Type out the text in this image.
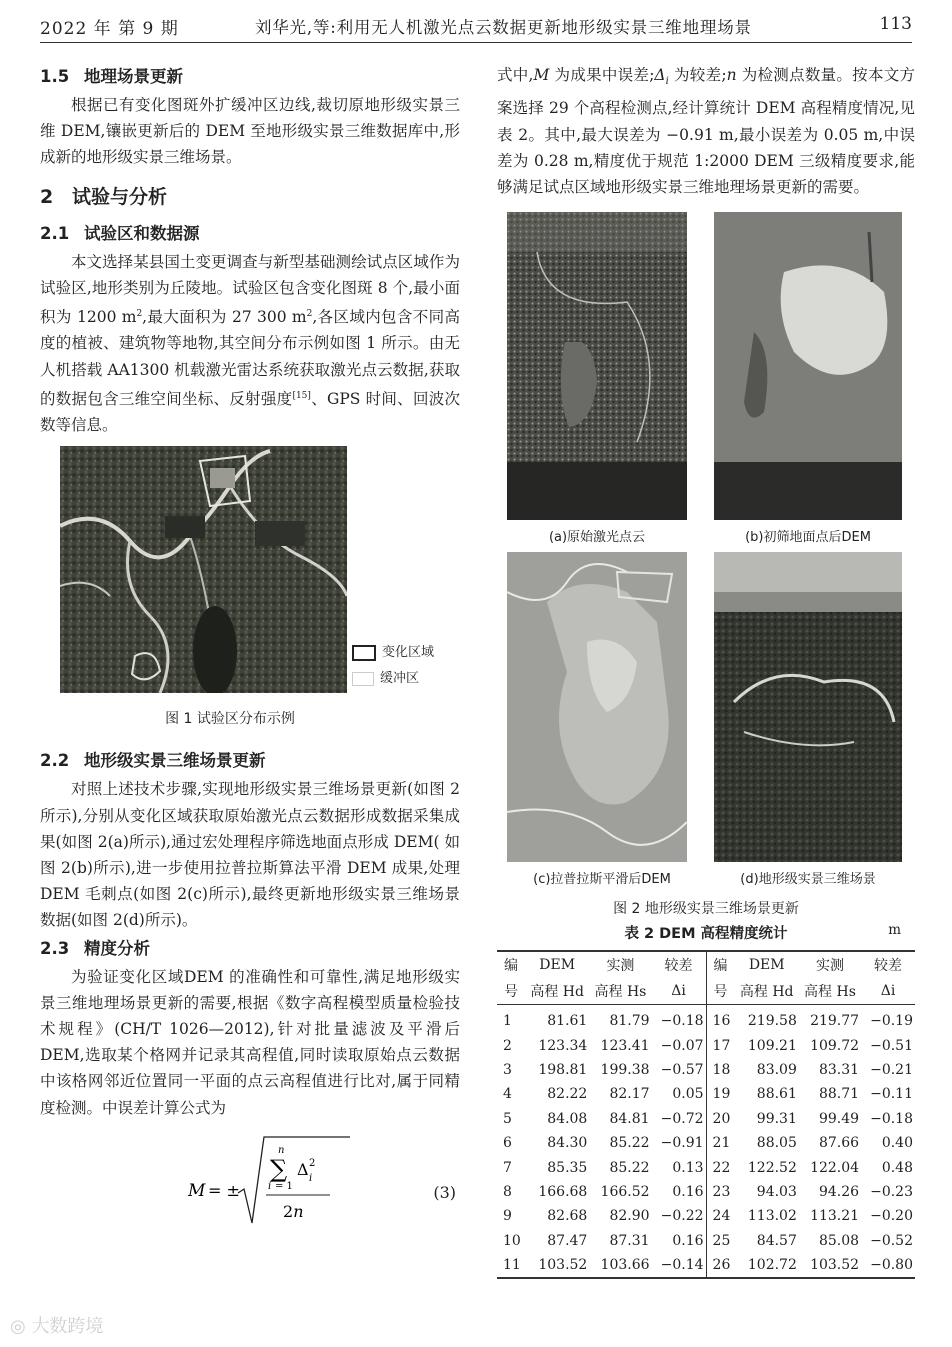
2022 年 第 9 期	刘华光,等:利用无人机激光点云数据更新地形级实景三维地理场景	113
1.5 地理场景更新

根据已有变化图斑外扩缓冲区边线,裁切原地形级实景三维 DEM,镶嵌更新后的 DEM 至地形级实景三维数据库中,形成新的地形级实景三维场景。

2 试验与分析
2.1 试验区和数据源

本文选择某县国土变更调查与新型基础测绘试点区域作为试验区,地形类别为丘陵地。试验区包含变化图斑 8 个,最小面积为 1200 $m^2$,最大面积为 27 300 $m^2$,各区域内包含不同高度的植被、建筑物等地物,其空间分布示例如图 1 所示。由无人机搭载 AA1300 机载激光雷达系统获取激光点云数据,获取的数据包含三维空间坐标、反射强度[15]、GPS 时间、回波次数等信息。

变化区域
缓冲区
图 1 试验区分布示例
2.2 地形级实景三维场景更新

对照上述技术步骤,实现地形级实景三维场景更新(如图 2 所示),分别从变化区域获取原始激光点云数据形成数据采集成果(如图 2(a)所示),通过宏处理程序筛选地面点形成 DEM( 如图 2(b)所示),进一步使用拉普拉斯算法平滑 DEM 成果,处理 DEM 毛刺点(如图 2(c)所示),最终更新地形级实景三维场景数据(如图 2(d)所示)。

2.3 精度分析

为验证变化区域DEM 的准确性和可靠性,满足地形级实景三维地理场景更新的需要,根据《数字高程模型质量检验技术规程》(CH/T 1026—2012),针对批量滤波及平滑后 DEM,选取某个格网并记录其高程值,同时读取原始点云数据中该格网邻近位置同一平面的点云高程值进行比对,属于同精度检测。中误差计算公式为

M = ±
n
∑
i = 1
Δ 2
i
2n
(3)

式中,M 为成果中误差$;\Delta_i$ 为较差;n 为检测点数量。按本文方案选择 29 个高程检测点,经计算统计 DEM 高程精度情况,见表 2。其中,最大误差为 −0.91 m,最小误差为 0.05 m,中误差为 0.28 m,精度优于规范 1:2000 DEM 三级精度要求,能够满足试点区域地形级实景三维地理场景更新的需要。

(a)原始激光点云	(b)初筛地面点后DEM
(c)拉普拉斯平滑后DEM	(d)地形级实景三维场景
图 2 地形级实景三维场景更新
表 2 DEM 高程精度统计	m
编	DEM	实测	较差	编	DEM	实测	较差
号	高程 Hd	高程 Hs	Δi	号	高程 Hd	高程 Hs	Δi
1	81.61	81.79	−0.18	16	219.58	219.77	−0.19
2	123.34	123.41	−0.07	17	109.21	109.72	−0.51
3	198.81	199.38	−0.57	18	83.09	83.31	−0.21
4	82.22	82.17	0.05	19	88.61	88.71	−0.11
5	84.08	84.81	−0.72	20	99.31	99.49	−0.18
6	84.30	85.22	−0.91	21	88.05	87.66	0.40
7	85.35	85.22	0.13	22	122.52	122.04	0.48
8	166.68	166.52	0.16	23	94.03	94.26	−0.23
9	82.68	82.90	−0.22	24	113.02	113.21	−0.20
10	87.47	87.31	0.16	25	84.57	85.08	−0.52
11	103.52	103.66	−0.14	26	102.72	103.52	−0.80
◎ 大数跨境
